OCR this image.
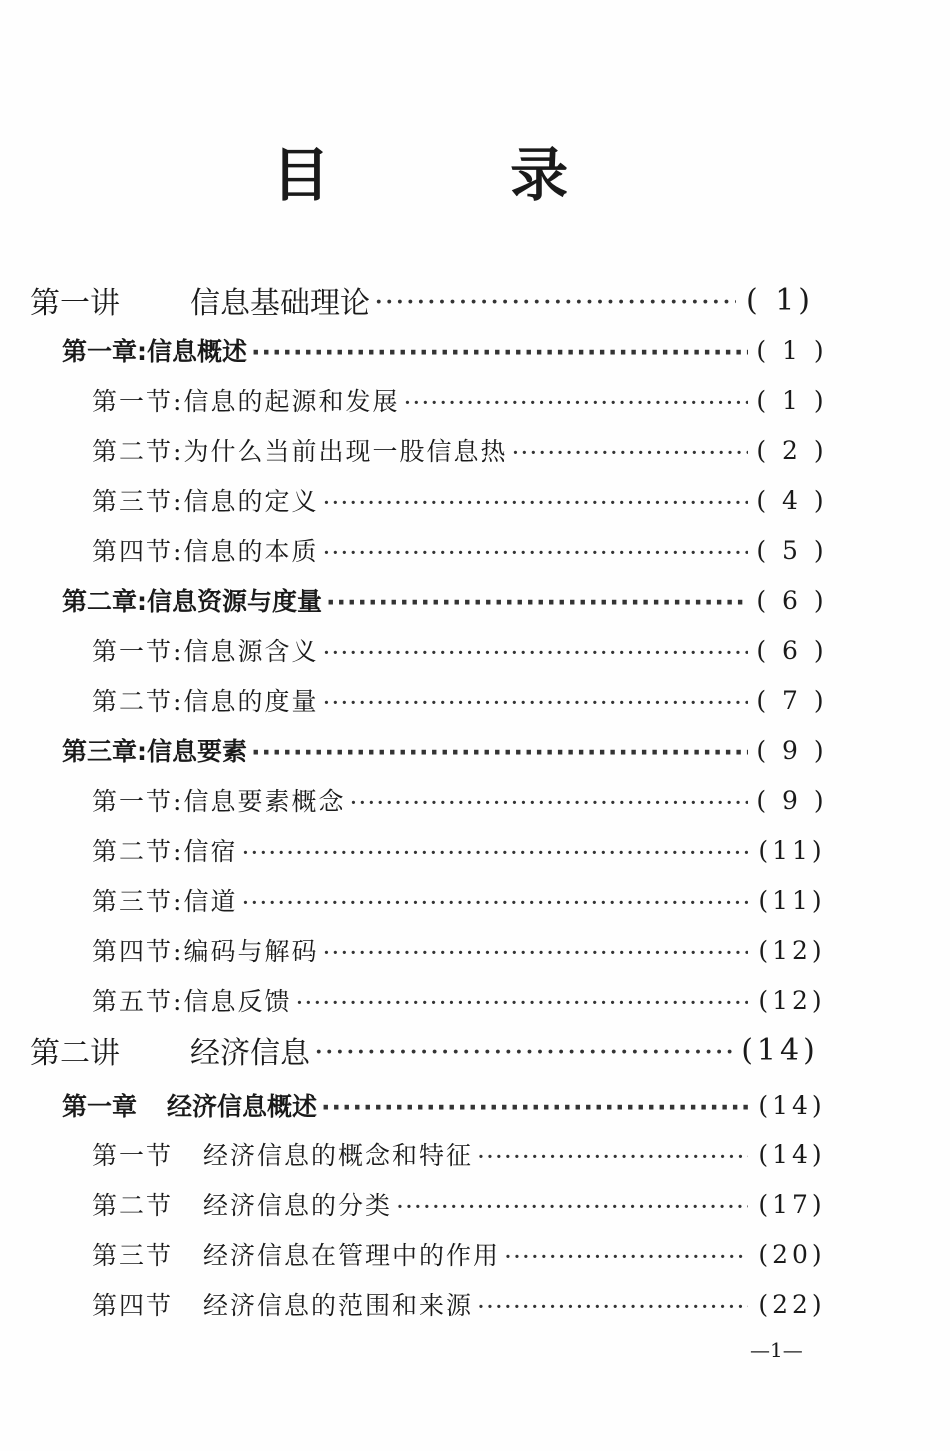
目 录
第一讲	信息基础理论 ·····	( 1)
第一章: 信息概述 ·····	( 1 )
第一节: 信息的起源和发展 ·····	( 1 )
第二节: 为什么当前出现一股信息热 ·····	( 2 )
第三节: 信息的定义 ·····	( 4 )
第四节: 信息的本质 ·····	( 5 )
第二章: 信息资源与度量 ·····	( 6 )
第一节: 信息源含义 ·····	( 6 )
第二节: 信息的度量 ·····	( 7 )
第三章: 信息要素 ·····	( 9 )
第一节: 信息要素概念 ·····	( 9 )
第二节: 信宿 ·····	(11)
第三节: 信道 ·····	(11)
第四节: 编码与解码 ·····	(12)
第五节: 信息反馈 ·····	(12)
第二讲	经济信息 ·····	(14)
第一章 经济信息概述 ·····	(14)
第一节 经济信息的概念和特征 ·····	(14)
第二节 经济信息的分类 ·····	(17)
第三节 经济信息在管理中的作用 ·····	(20)
第四节 经济信息的范围和来源 ·····	(22)
—1—
